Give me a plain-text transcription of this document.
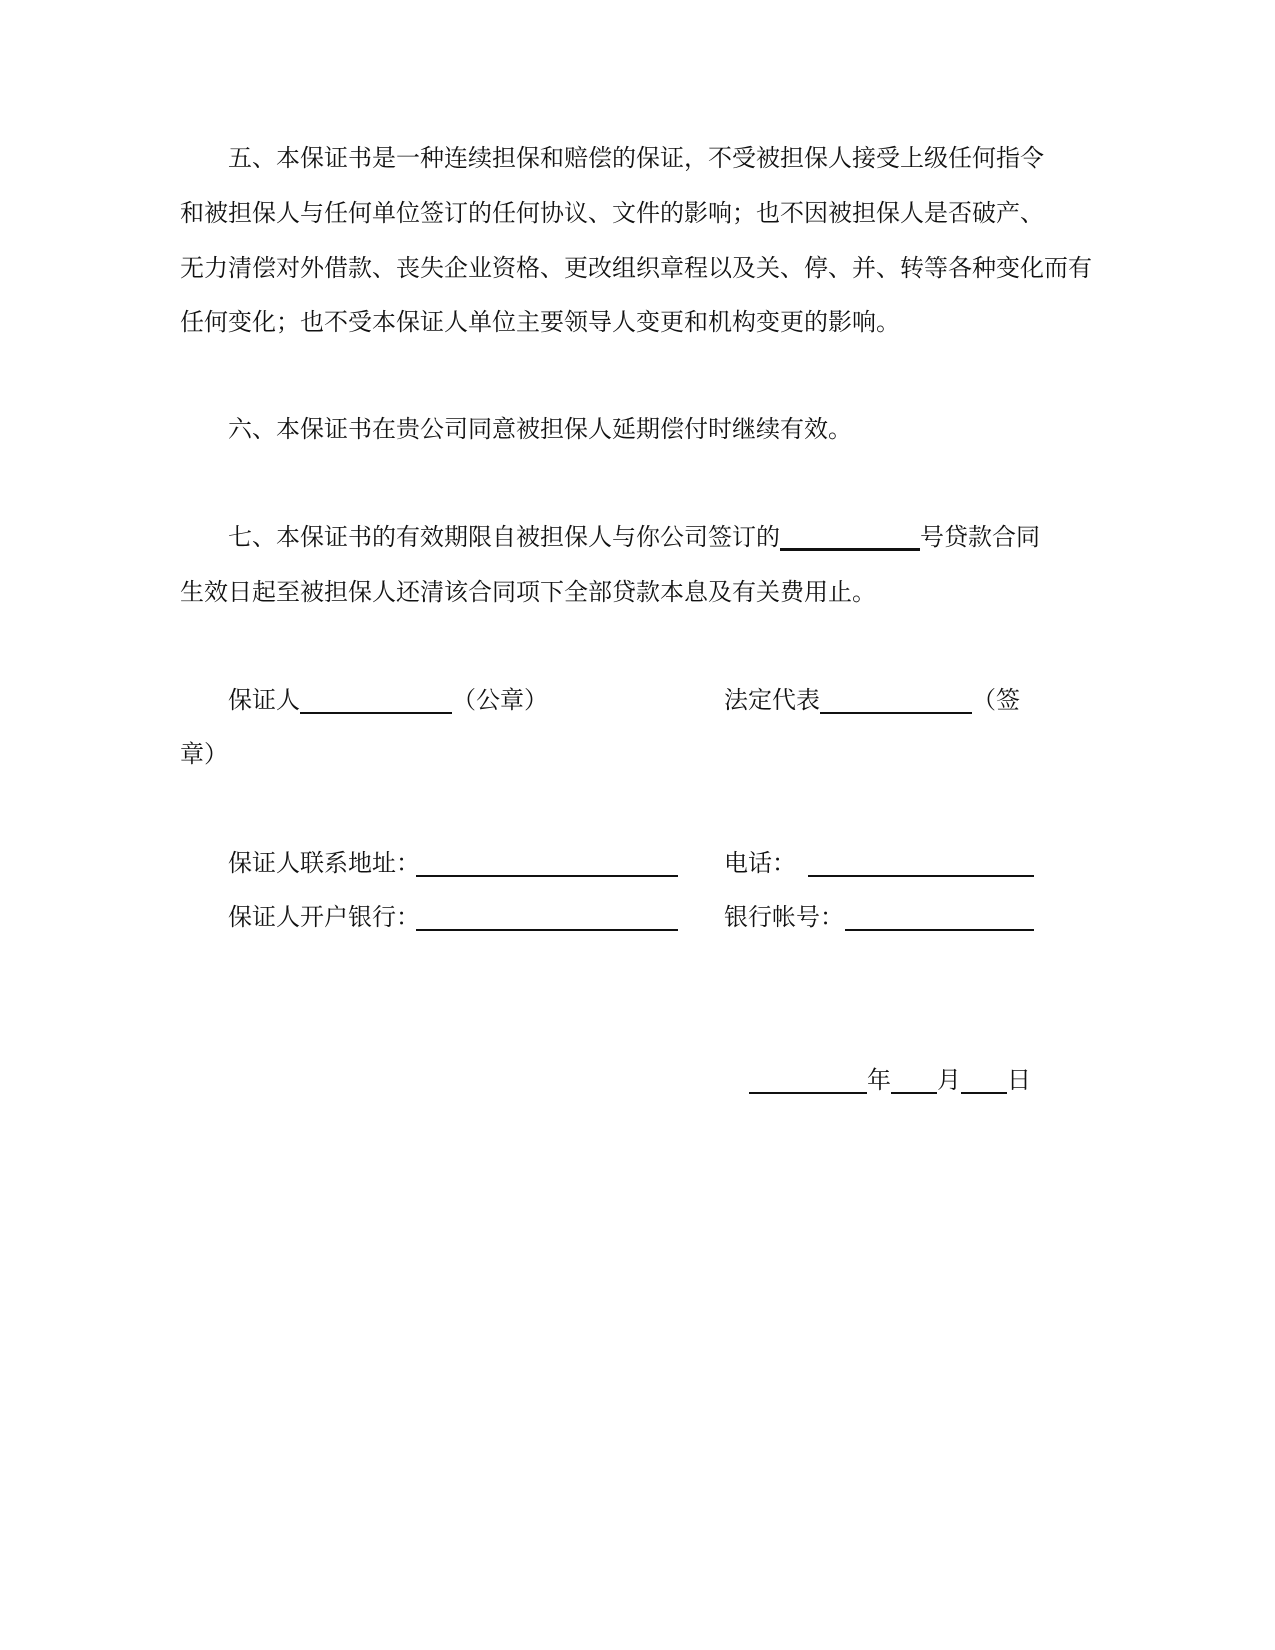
五、本保证书是一种连续担保和赔偿的保证，不受被担保人接受上级任何指令
和被担保人与任何单位签订的任何协议、文件的影响；也不因被担保人是否破产、
无力清偿对外借款、丧失企业资格、更改组织章程以及关、停、并、转等各种变化而有
任何变化；也不受本保证人单位主要领导人变更和机构变更的影响。
六、本保证书在贵公司同意被担保人延期偿付时继续有效。
七、本保证书的有效期限自被担保人与你公司签订的	号贷款合同
生效日起至被担保人还清该合同项下全部贷款本息及有关费用止。
保证人	（公章）	法定代表	（签
章）
保证人联系地址：	电话：
保证人开户银行：	银行帐号：
年 月 日
